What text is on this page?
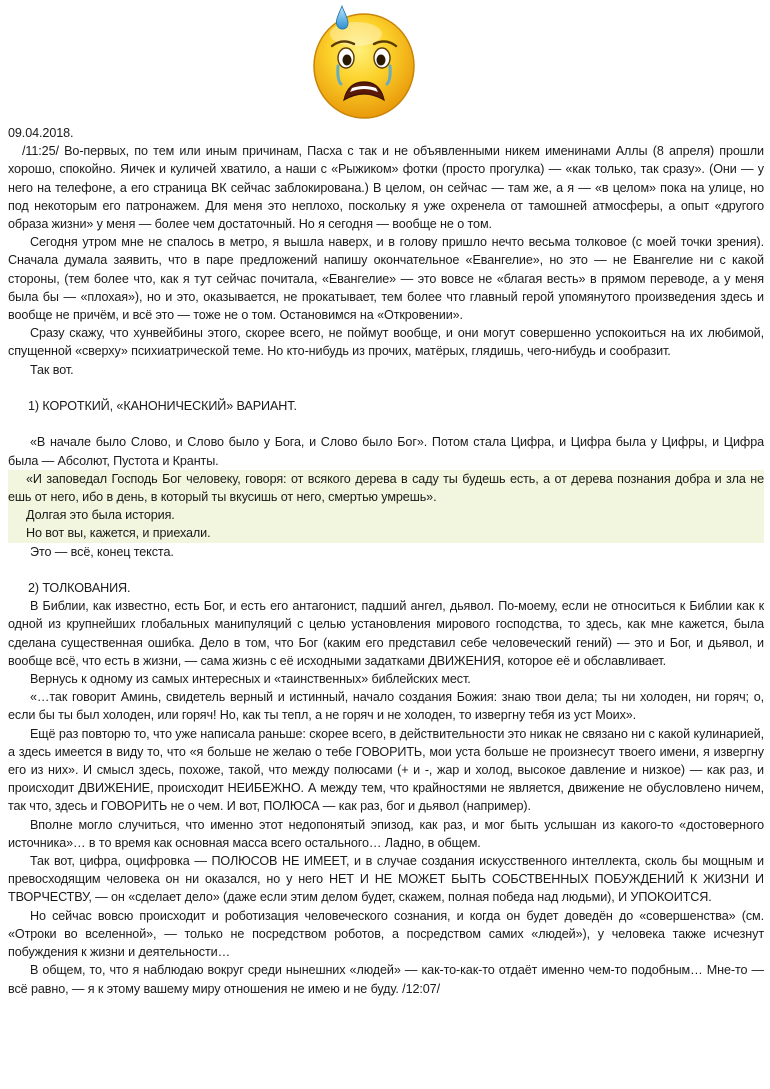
09.04.2018.

/11:25/ Во-первых, по тем или иным причинам, Пасха с так и не объявленными никем именинами Аллы (8 апреля) прошли хорошо, спокойно. Яичек и куличей хватило, а наши с «Рыжиком» фотки (просто прогулка) — «как только, так сразу». (Они — у него на телефоне, а его страница ВК сейчас заблокирована.) В целом, он сейчас — там же, а я — «в целом» пока на улице, но под некоторым его патронажем. Для меня это неплохо, поскольку я уже охренела от тамошней атмосферы, а опыт «другого образа жизни» у меня — более чем достаточный. Но я сегодня — вообще не о том.

Сегодня утром мне не спалось в метро, я вышла наверх, и в голову пришло нечто весьма толковое (с моей точки зрения). Сначала думала заявить, что в паре предложений напишу окончательное «Евангелие», но это — не Евангелие ни с какой стороны, (тем более что, как я тут сейчас почитала, «Евангелие» — это вовсе не «благая весть» в прямом переводе, а у меня была бы — «плохая»), но и это, оказывается, не прокатывает, тем более что главный герой упомянутого произведения здесь и вообще не причём, и всё это — тоже не о том. Остановимся на «Откровении».

Сразу скажу, что хунвейбины этого, скорее всего, не поймут вообще, и они могут совершенно успокоиться на их любимой, спущенной «сверху» психиатрической теме. Но кто-нибудь из прочих, матёрых, глядишь, чего-нибудь и сообразит.

Так вот.

1) КОРОТКИЙ, «КАНОНИЧЕСКИЙ» ВАРИАНТ.

«В начале было Слово, и Слово было у Бога, и Слово было Бог». Потом стала Цифра, и Цифра была у Цифры, и Цифра была — Абсолют, Пустота и Кранты.

«И заповедал Господь Бог человеку, говоря: от всякого дерева в саду ты будешь есть, а от дерева познания добра и зла не ешь от него, ибо в день, в который ты вкусишь от него, смертью умрешь».

Долгая это была история.

Но вот вы, кажется, и приехали.

Это — всё, конец текста.

2) ТОЛКОВАНИЯ.

В Библии, как известно, есть Бог, и есть его антагонист, падший ангел, дьявол. По-моему, если не относиться к Библии как к одной из крупнейших глобальных манипуляций с целью установления мирового господства, то здесь, как мне кажется, была сделана существенная ошибка. Дело в том, что Бог (каким его представил себе человеческий гений) — это и Бог, и дьявол, и вообще всё, что есть в жизни, — сама жизнь с её исходными задатками ДВИЖЕНИЯ, которое её и обславливает.

Вернусь к одному из самых интересных и «таинственных» библейских мест.

«…так говорит Аминь, свидетель верный и истинный, начало создания Божия: знаю твои дела; ты ни холоден, ни горяч; о, если бы ты был холоден, или горяч! Но, как ты тепл, а не горяч и не холоден, то извергну тебя из уст Моих».

Ещё раз повторю то, что уже написала раньше: скорее всего, в действительности это никак не связано ни с какой кулинарией, а здесь имеется в виду то, что «я больше не желаю о тебе ГОВОРИТЬ, мои уста больше не произнесут твоего имени, я извергну его из них». И смысл здесь, похоже, такой, что между полюсами (+ и -, жар и холод, высокое давление и низкое) — как раз, и происходит ДВИЖЕНИЕ, происходит НЕИБЕЖНО. А между тем, что крайностями не является, движение не обусловлено ничем, так что, здесь и ГОВОРИТЬ не о чем. И вот, ПОЛЮСА — как раз, бог и дьявол (например).

Вполне могло случиться, что именно этот недопонятый эпизод, как раз, и мог быть услышан из какого-то «достоверного источника»… в то время как основная масса всего остального… Ладно, в общем.

Так вот, цифра, оцифровка — ПОЛЮСОВ НЕ ИМЕЕТ, и в случае создания искусственного интеллекта, сколь бы мощным и превосходящим человека он ни оказался, но у него НЕТ И НЕ МОЖЕТ БЫТЬ СОБСТВЕННЫХ ПОБУЖДЕНИЙ К ЖИЗНИ И ТВОРЧЕСТВУ, — он «сделает дело» (даже если этим делом будет, скажем, полная победа над людьми), И УПОКОИТСЯ.

Но сейчас вовсю происходит и роботизация человеческого сознания, и когда он будет доведён до «совершенства» (см. «Отроки во вселенной», — только не посредством роботов, а посредством самих «людей»), у человека также исчезнут побуждения к жизни и деятельности…

В общем, то, что я наблюдаю вокруг среди нынешних «людей» — как-то-как-то отдаёт именно чем-то подобным… Мне-то — всё равно, — я к этому вашему миру отношения не имею и не буду. /12:07/
